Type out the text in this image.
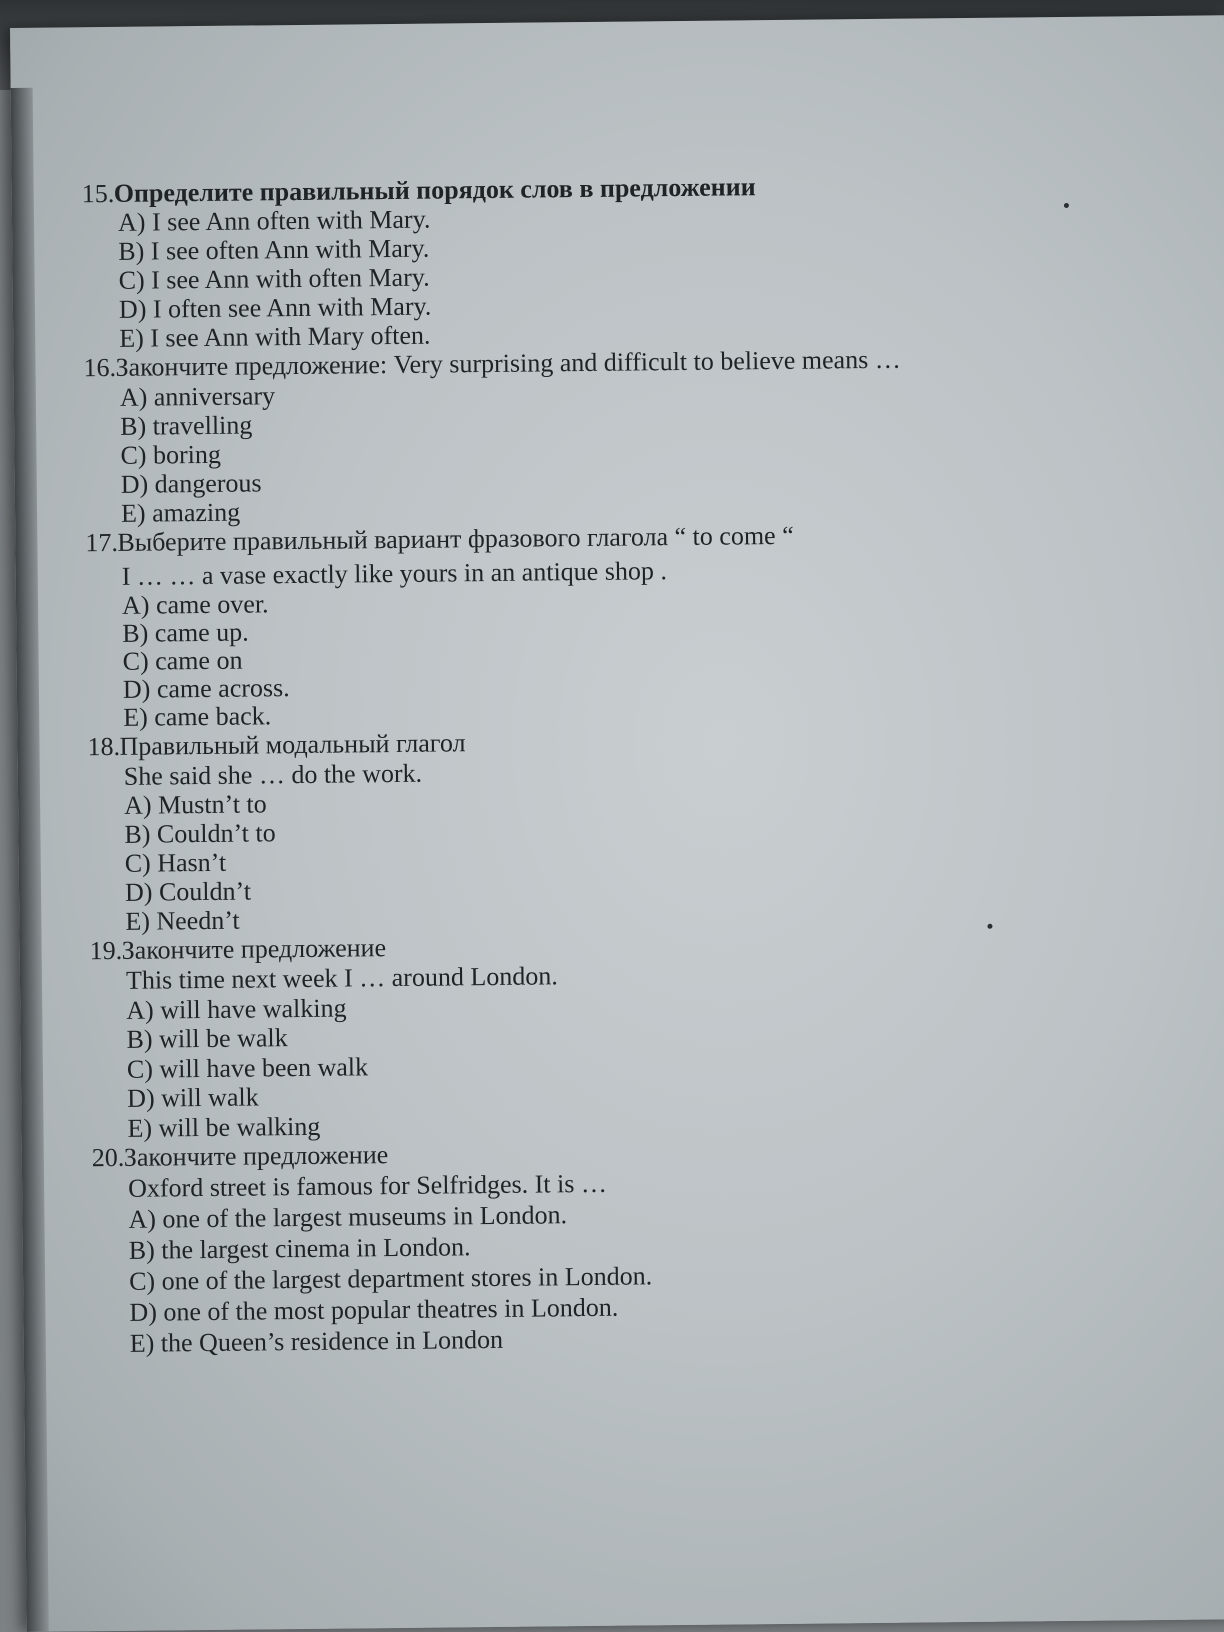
15. Определите правильный порядок слов в предложении
A) I see Ann often with Mary.
B) I see often Ann with Mary.
C) I see Ann with often Mary.
D) I often see Ann with Mary.
E) I see Ann with Mary often.
16. Закончите предложение: Very surprising and difficult to believe means …
A) anniversary
B) travelling
C) boring
D) dangerous
E) amazing
17. Выберите правильный вариант фразового глагола “ to come “
I … … a vase exactly like yours in an antique shop .
A) came over.
B) came up.
C) came on
D) came across.
E) came back.
18. Правильный модальный глагол
She said she … do the work.
A) Mustn’t to
B) Couldn’t to
C) Hasn’t
D) Couldn’t
E) Needn’t
19. Закончите предложение
This time next week I … around London.
A) will have walking
B) will be walk
C) will have been walk
D) will walk
E) will be walking
20. Закончите предложение
Oxford street is famous for Selfridges. It is …
A) one of the largest museums in London.
B) the largest cinema in London.
C) one of the largest department stores in London.
D) one of the most popular theatres in London.
E) the Queen’s residence in London
